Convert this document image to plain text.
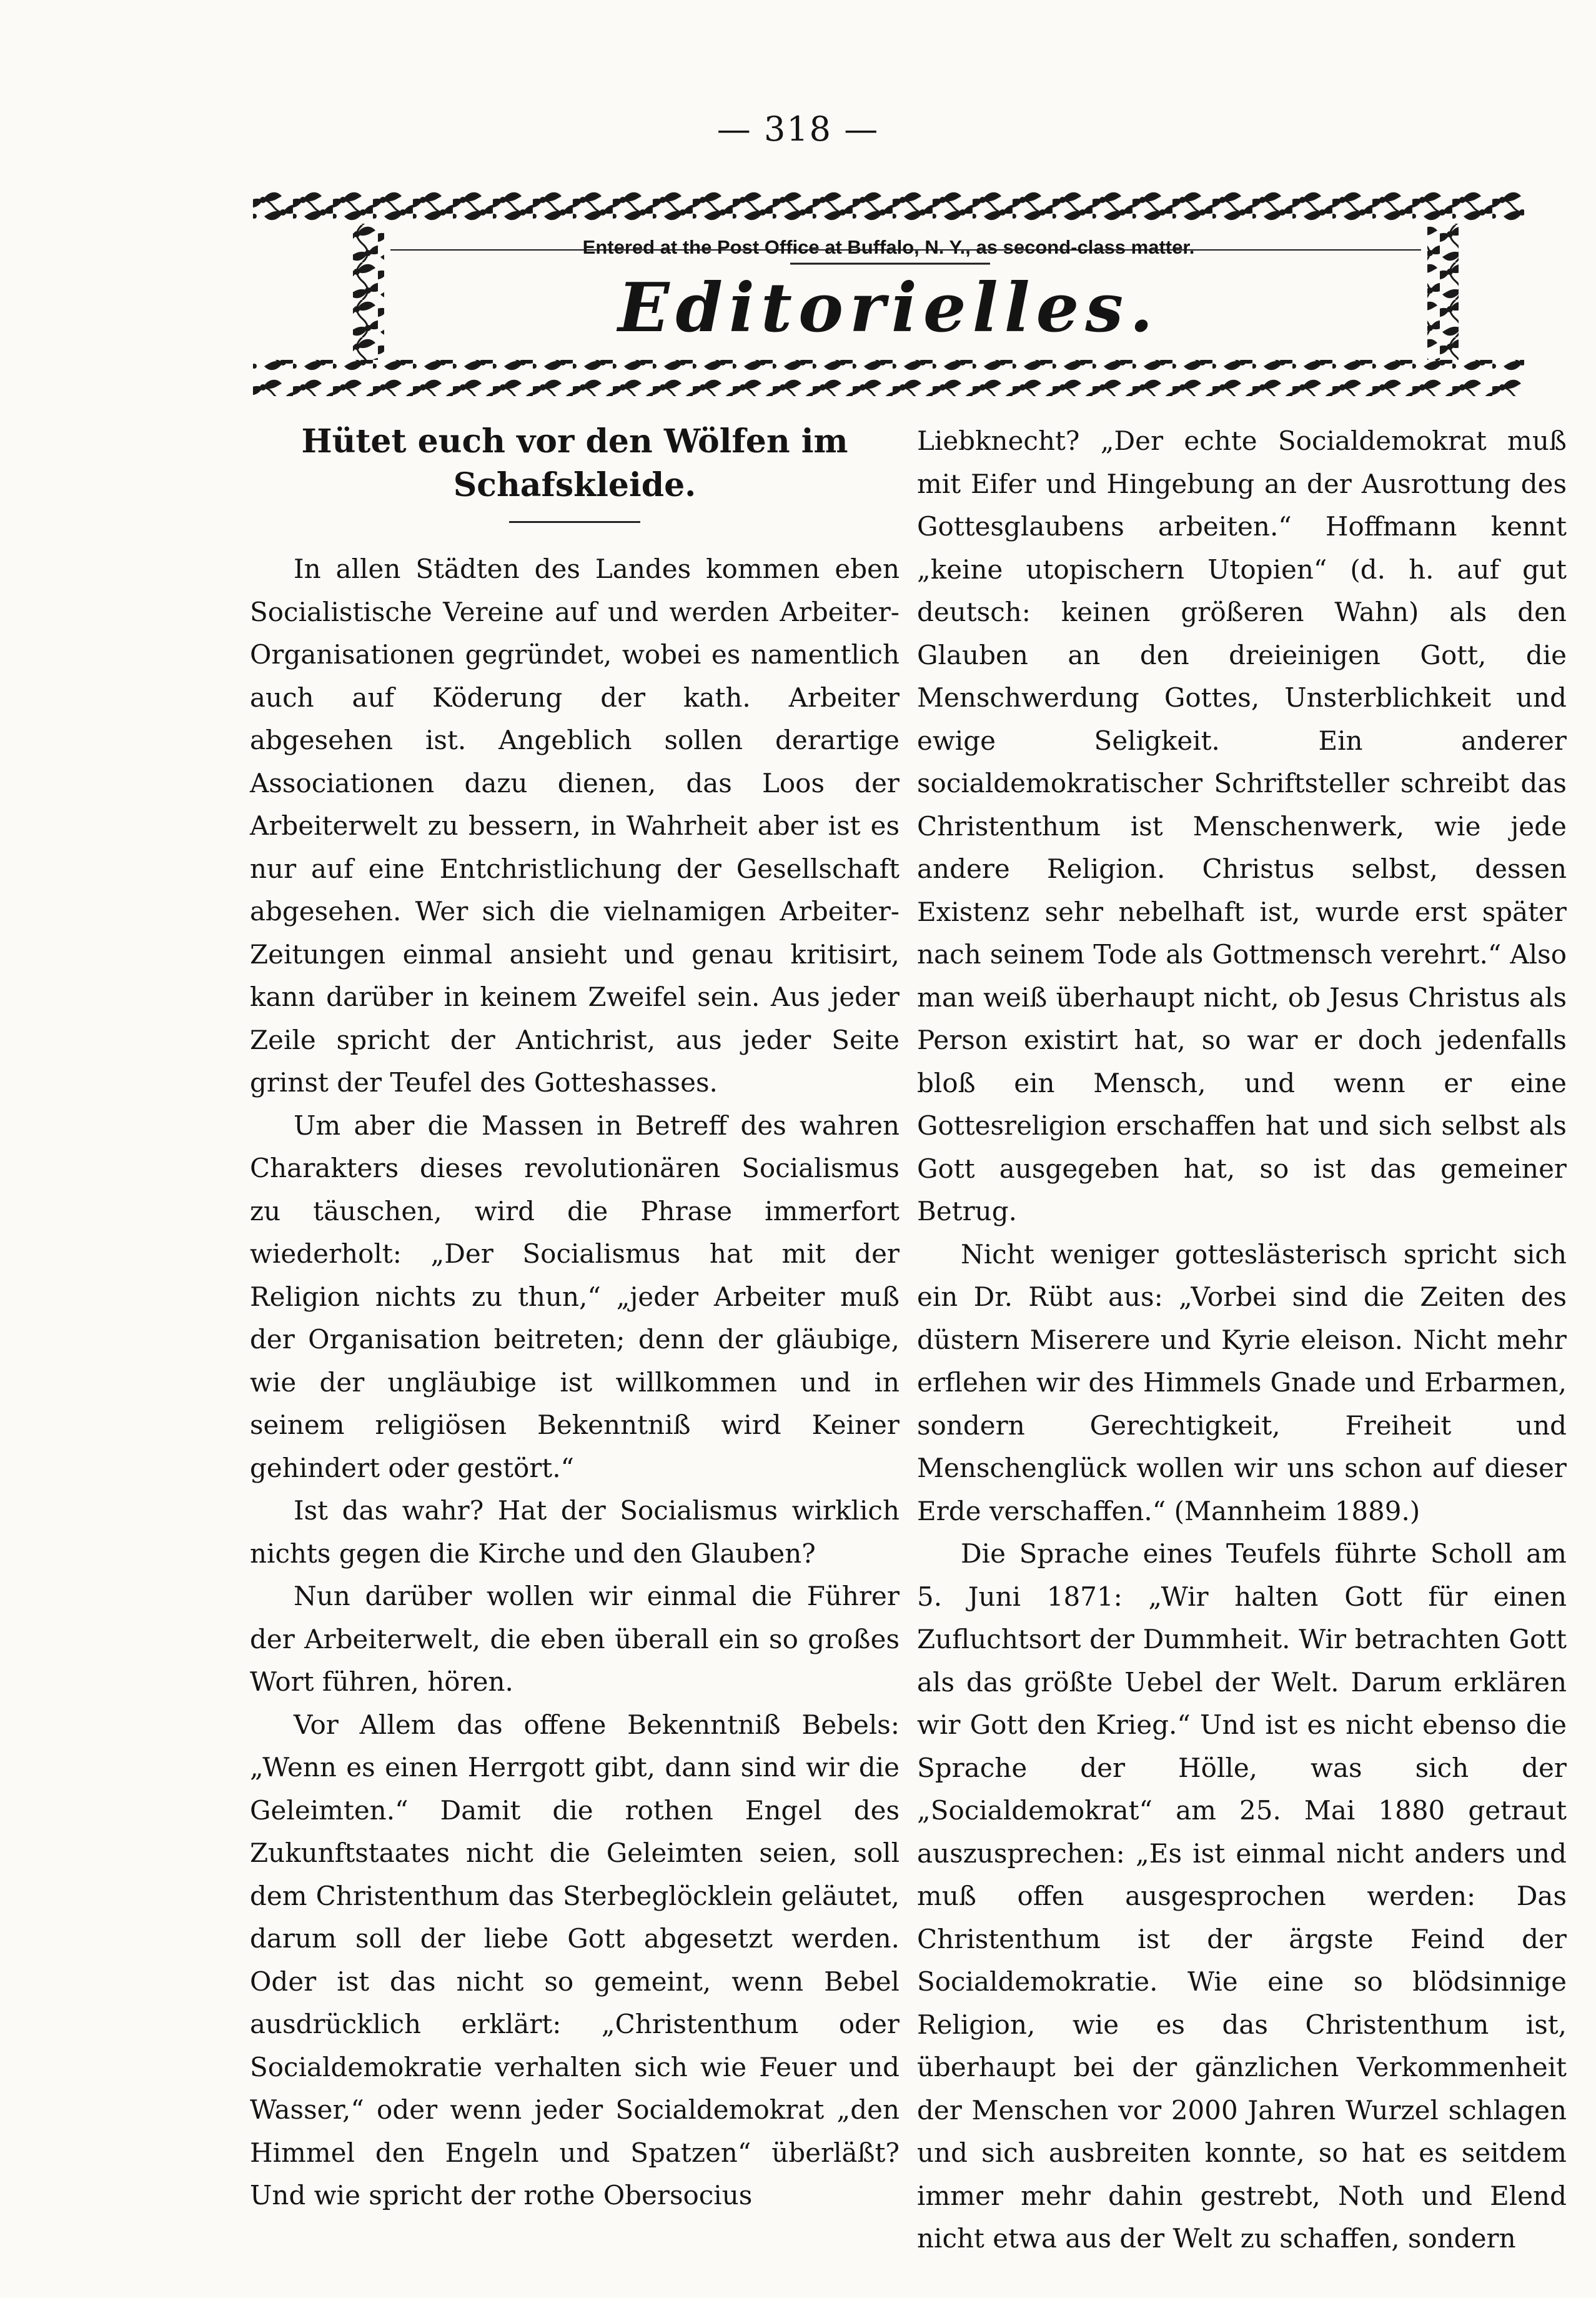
— 318 —
Entered at the Post Office at Buffalo, N. Y., as second-class matter.
Editorielles.
Hütet euch vor den Wölfen im Schafskleide.

In allen Städten des Landes kommen eben Socialistische Vereine auf und werden Arbeiter-Organisationen gegründet, wobei es namentlich auch auf Köderung der kath. Arbeiter abgesehen ist. Angeblich sollen derartige Associationen dazu dienen, das Loos der Arbeiterwelt zu bessern, in Wahrheit aber ist es nur auf eine Entchristlichung der Gesellschaft abgesehen. Wer sich die vielnamigen Arbeiter-Zeitungen einmal ansieht und genau kritisirt, kann darüber in keinem Zweifel sein. Aus jeder Zeile spricht der Antichrist, aus jeder Seite grinst der Teufel des Gotteshasses.

Um aber die Massen in Betreff des wahren Charakters dieses revolutionären Socialismus zu täuschen, wird die Phrase immerfort wiederholt: „Der Socialismus hat mit der Religion nichts zu thun,“ „jeder Arbeiter muß der Organisation beitreten; denn der gläubige, wie der ungläubige ist willkommen und in seinem religiösen Bekenntniß wird Keiner gehindert oder gestört.“

Ist das wahr? Hat der Socialismus wirklich nichts gegen die Kirche und den Glauben?

Nun darüber wollen wir einmal die Führer der Arbeiterwelt, die eben überall ein so großes Wort führen, hören.

Vor Allem das offene Bekenntniß Bebels: „Wenn es einen Herrgott gibt, dann sind wir die Geleimten.“ Damit die rothen Engel des Zukunftstaates nicht die Geleimten seien, soll dem Christenthum das Sterbeglöcklein geläutet, darum soll der liebe Gott abgesetzt werden. Oder ist das nicht so gemeint, wenn Bebel ausdrücklich erklärt: „Christenthum oder Socialdemokratie verhalten sich wie Feuer und Wasser,“ oder wenn jeder Socialdemokrat „den Himmel den Engeln und Spatzen“ überläßt? Und wie spricht der rothe Obersocius

Liebknecht? „Der echte Socialdemokrat muß mit Eifer und Hingebung an der Ausrottung des Gottesglaubens arbeiten.“ Hoffmann kennt „keine utopischern Utopien“ (d. h. auf gut deutsch: keinen größeren Wahn) als den Glauben an den dreieinigen Gott, die Menschwerdung Gottes, Unsterblichkeit und ewige Seligkeit. Ein anderer socialdemokratischer Schriftsteller schreibt das Christenthum ist Menschenwerk, wie jede andere Religion. Christus selbst, dessen Existenz sehr nebelhaft ist, wurde erst später nach seinem Tode als Gottmensch verehrt.“ Also man weiß überhaupt nicht, ob Jesus Christus als Person existirt hat, so war er doch jedenfalls bloß ein Mensch, und wenn er eine Gottesreligion erschaffen hat und sich selbst als Gott ausgegeben hat, so ist das gemeiner Betrug.

Nicht weniger gotteslästerisch spricht sich ein Dr. Rübt aus: „Vorbei sind die Zeiten des düstern Miserere und Kyrie eleison. Nicht mehr erflehen wir des Himmels Gnade und Erbarmen, sondern Gerechtigkeit, Freiheit und Menschenglück wollen wir uns schon auf dieser Erde verschaffen.“ (Mannheim 1889.)

Die Sprache eines Teufels führte Scholl am 5. Juni 1871: „Wir halten Gott für einen Zufluchtsort der Dummheit. Wir betrachten Gott als das größte Uebel der Welt. Darum erklären wir Gott den Krieg.“ Und ist es nicht ebenso die Sprache der Hölle, was sich der „Socialdemokrat“ am 25. Mai 1880 getraut auszusprechen: „Es ist einmal nicht anders und muß offen ausgesprochen werden: Das Christenthum ist der ärgste Feind der Socialdemokratie. Wie eine so blödsinnige Religion, wie es das Christenthum ist, überhaupt bei der gänzlichen Verkommenheit der Menschen vor 2000 Jahren Wurzel schlagen und sich ausbreiten konnte, so hat es seitdem immer mehr dahin gestrebt, Noth und Elend nicht etwa aus der Welt zu schaffen, sondern
